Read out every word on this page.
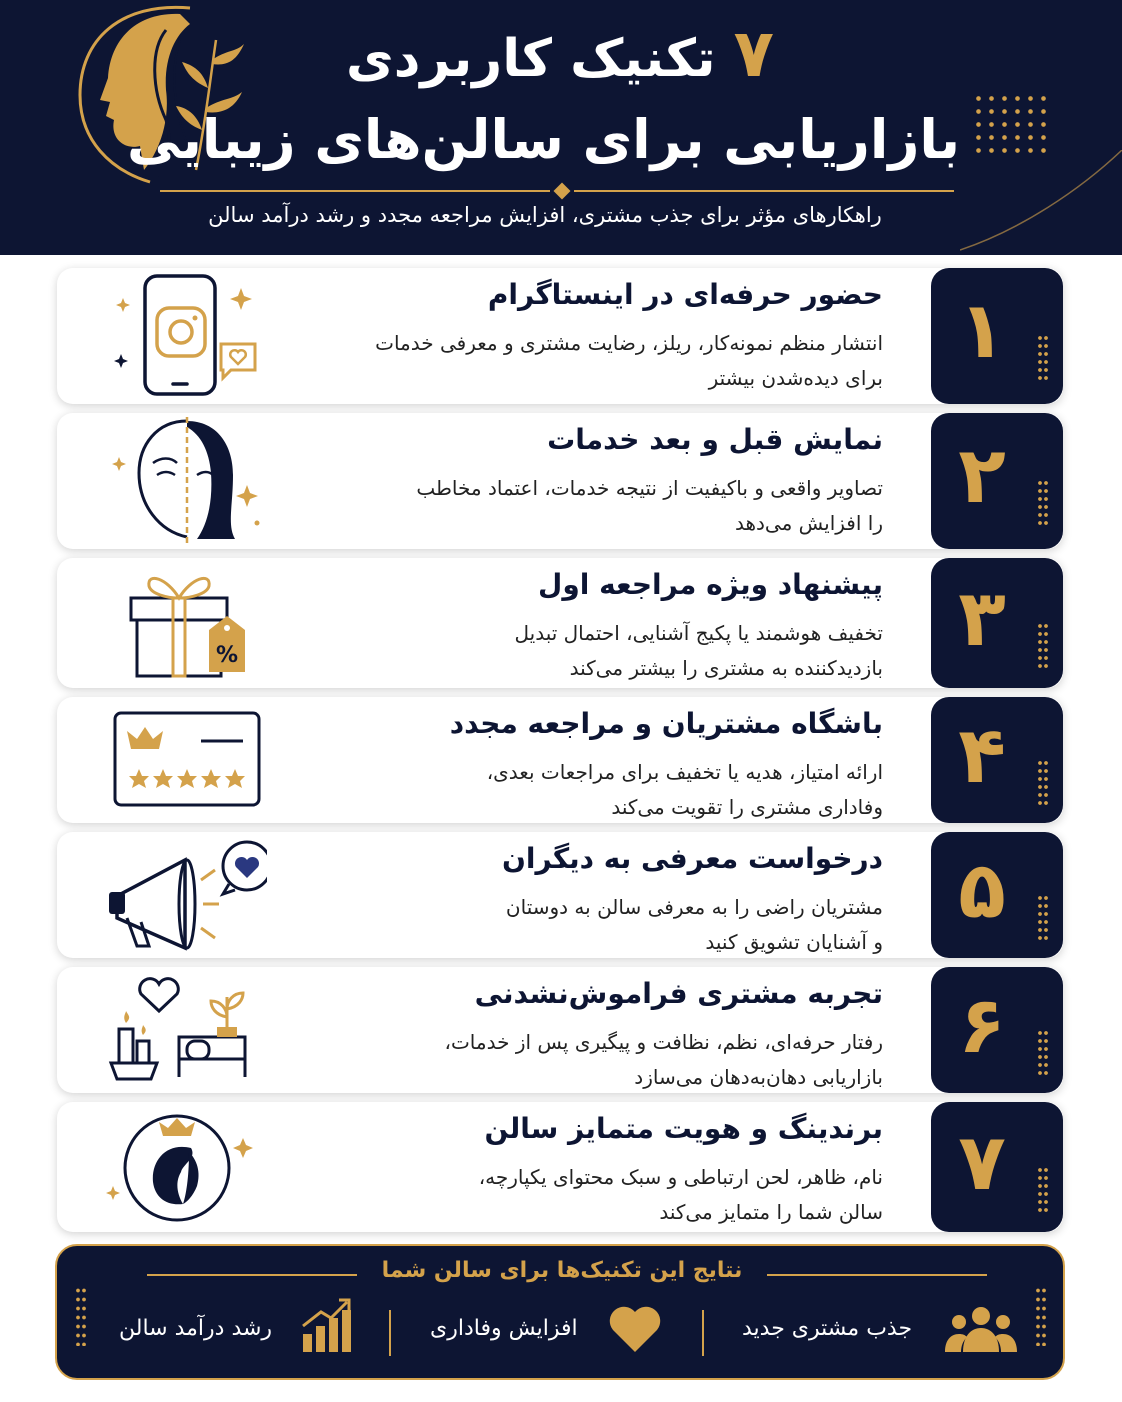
۷ تکنیک کاربردی
بازاریابی برای سالن‌های زیبایی
راهکارهای مؤثر برای جذب مشتری، افزایش مراجعه مجدد و رشد درآمد سالن
۱
حضور حرفه‌ای در اینستاگرام
انتشار منظم نمونه‌کار، ریلز، رضایت مشتری و معرفی خدمات
برای دیده‌شدن بیشتر
۲
نمایش قبل و بعد خدمات
تصاویر واقعی و باکیفیت از نتیجه خدمات، اعتماد مخاطب
را افزایش می‌دهد
۳
پیشنهاد ویژه مراجعه اول
تخفیف هوشمند یا پکیج آشنایی، احتمال تبدیل
بازدیدکننده به مشتری را بیشتر می‌کند
%
۴
باشگاه مشتریان و مراجعه مجدد
ارائه امتیاز، هدیه یا تخفیف برای مراجعات بعدی،
وفاداری مشتری را تقویت می‌کند
۵
درخواست معرفی به دیگران
مشتریان راضی را به معرفی سالن به دوستان
و آشنایان تشویق کنید
۶
تجربه مشتری فراموش‌نشدنی
رفتار حرفه‌ای، نظم، نظافت و پیگیری پس از خدمات،
بازاریابی دهان‌به‌دهان می‌سازد
۷
برندینگ و هویت متمایز سالن
نام، ظاهر، لحن ارتباطی و سبک محتوای یکپارچه،
سالن شما را متمایز می‌کند
نتایج این تکنیک‌ها برای سالن شما
جذب مشتری جدید
افزایش وفاداری
رشد درآمد سالن
